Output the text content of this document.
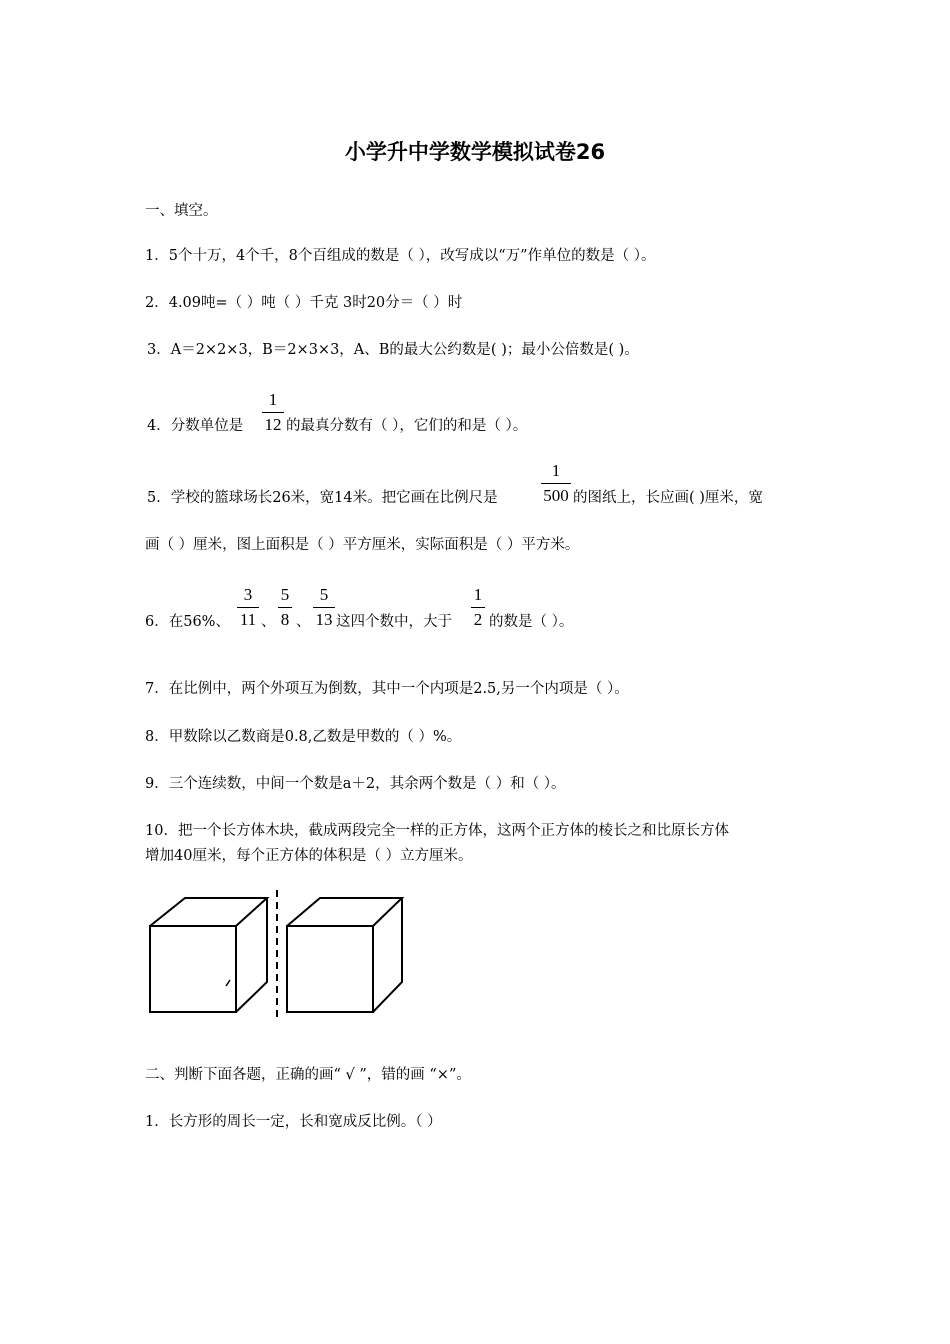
小学升中学数学模拟试卷26
一、填空。
1．5个十万，4个千，8个百组成的数是（ ），改写成以“万”作单位的数是（ ）。
2．4.09吨=（ ）吨（ ）千克 3时20分＝（ ）时
3．A＝2×2×3，B＝2×3×3，A、B的最大公约数是( )；最小公倍数是( )。
4．分数单位是
1
12 的最真分数有（ ），它们的和是（ ）。
5．学校的篮球场长26米，宽14米。把它画在比例尺是
1
500 的图纸上，长应画( )厘米，宽
画（ ）厘米，图上面积是（ ）平方厘米，实际面积是（ ）平方米。
6．在56%、
3
11 、
5
8 、
5
13 这四个数中，大于
1
2 的数是（ ）。
7．在比例中，两个外项互为倒数，其中一个内项是2.5,另一个内项是（ ）。
8．甲数除以乙数商是0.8,乙数是甲数的（ ）%。
9．三个连续数，中间一个数是a＋2，其余两个数是（ ）和（ ）。
10．把一个长方体木块，截成两段完全一样的正方体，这两个正方体的棱长之和比原长方体
增加40厘米，每个正方体的体积是（ ）立方厘米。
二、判断下面各题，正确的画“ √ ”，错的画 “×”。
1．长方形的周长一定，长和宽成反比例。（ ）
